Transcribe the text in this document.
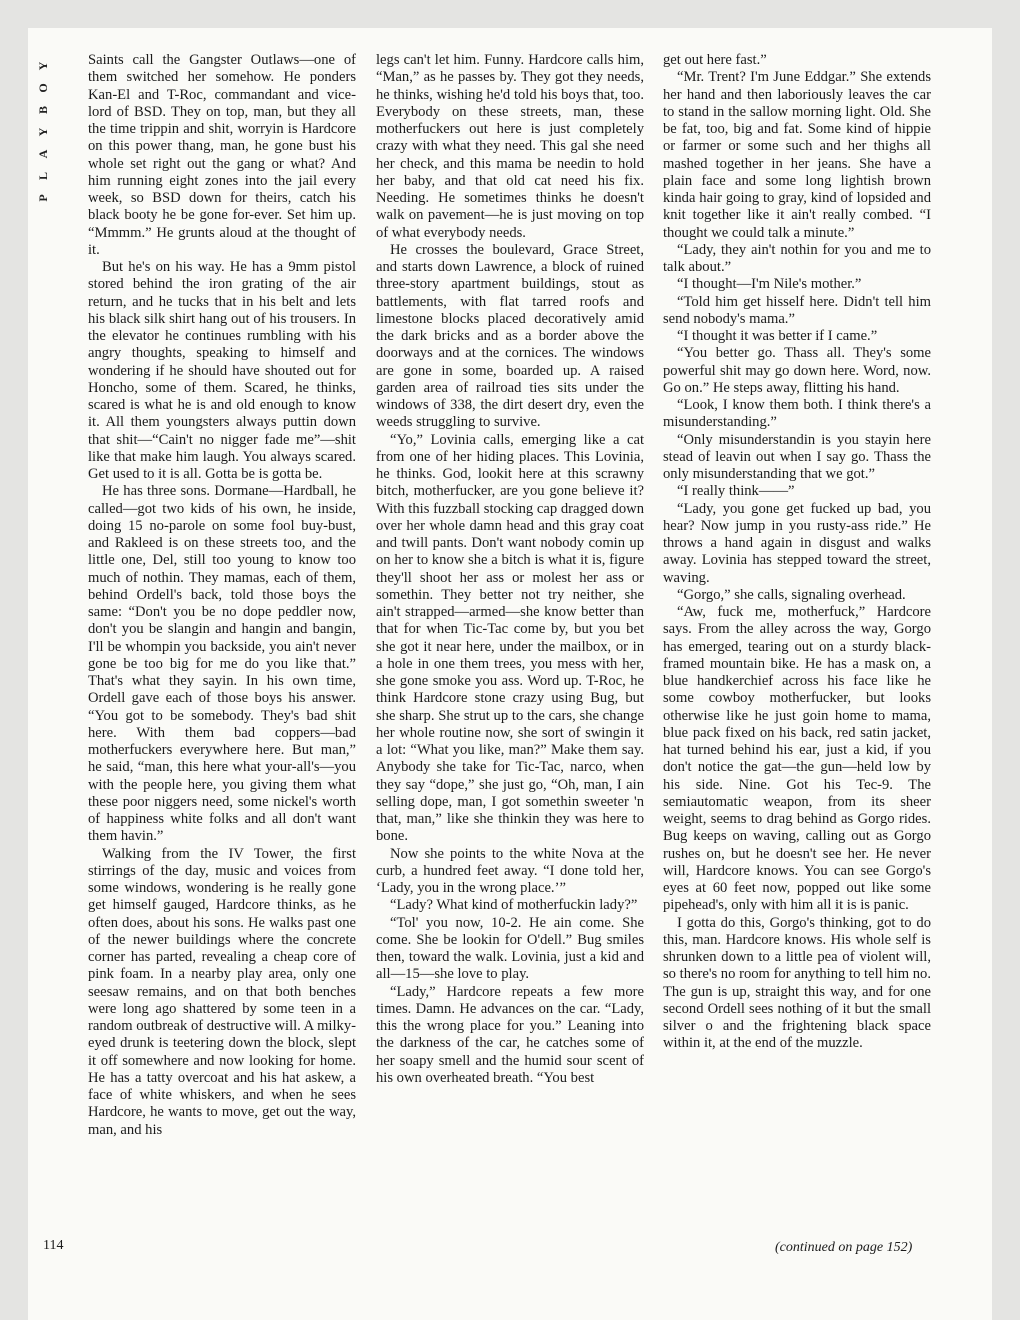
Y
O
B
Y
A
L
P

Saints call the Gangster Outlaws—one of them switched her somehow. He ponders Kan-El and T-Roc, commandant and vice-lord of BSD. They on top, man, but they all the time trippin and shit, worryin is Hardcore on this power thang, man, he gone bust his whole set right out the gang or what? And him running eight zones into the jail every week, so BSD down for theirs, catch his black booty he be gone for-ever. Set him up. “Mmmm.” He grunts aloud at the thought of it.

But he's on his way. He has a 9mm pistol stored behind the iron grating of the air return, and he tucks that in his belt and lets his black silk shirt hang out of his trousers. In the elevator he continues rumbling with his angry thoughts, speaking to himself and wondering if he should have shouted out for Honcho, some of them. Scared, he thinks, scared is what he is and old enough to know it. All them youngsters always puttin down that shit—“Cain't no nigger fade me”—shit like that make him laugh. You always scared. Get used to it is all. Gotta be is gotta be.

He has three sons. Dormane—Hardball, he called—got two kids of his own, he inside, doing 15 no-parole on some fool buy-bust, and Rakleed is on these streets too, and the little one, Del, still too young to know too much of nothin. They mamas, each of them, behind Ordell's back, told those boys the same: “Don't you be no dope peddler now, don't you be slangin and hangin and bangin, I'll be whompin you backside, you ain't never gone be too big for me do you like that.” That's what they sayin. In his own time, Ordell gave each of those boys his answer. “You got to be somebody. They's bad shit here. With them bad coppers—bad motherfuckers everywhere here. But man,” he said, “man, this here what your-all's—you with the people here, you giving them what these poor niggers need, some nickel's worth of happiness white folks and all don't want them havin.”

Walking from the IV Tower, the first stirrings of the day, music and voices from some windows, wondering is he really gone get himself gauged, Hardcore thinks, as he often does, about his sons. He walks past one of the newer buildings where the concrete corner has parted, revealing a cheap core of pink foam. In a nearby play area, only one seesaw remains, and on that both benches were long ago shattered by some teen in a random outbreak of destructive will. A milky-eyed drunk is teetering down the block, slept it off somewhere and now looking for home. He has a tatty overcoat and his hat askew, a face of white whiskers, and when he sees Hardcore, he wants to move, get out the way, man, and his

legs can't let him. Funny. Hardcore calls him, “Man,” as he passes by. They got they needs, he thinks, wishing he'd told his boys that, too. Everybody on these streets, man, these motherfuckers out here is just completely crazy with what they need. This gal she need her check, and this mama be needin to hold her baby, and that old cat need his fix. Needing. He sometimes thinks he doesn't walk on pavement—he is just moving on top of what everybody needs.

He crosses the boulevard, Grace Street, and starts down Lawrence, a block of ruined three-story apartment buildings, stout as battlements, with flat tarred roofs and limestone blocks placed decoratively amid the dark bricks and as a border above the doorways and at the cornices. The windows are gone in some, boarded up. A raised garden area of railroad ties sits under the windows of 338, the dirt desert dry, even the weeds struggling to survive.

“Yo,” Lovinia calls, emerging like a cat from one of her hiding places. This Lovinia, he thinks. God, lookit here at this scrawny bitch, motherfucker, are you gone believe it? With this fuzzball stocking cap dragged down over her whole damn head and this gray coat and twill pants. Don't want nobody comin up on her to know she a bitch is what it is, figure they'll shoot her ass or molest her ass or somethin. They better not try neither, she ain't strapped—armed—she know better than that for when Tic-Tac come by, but you bet she got it near here, under the mailbox, or in a hole in one them trees, you mess with her, she gone smoke you ass. Word up. T-Roc, he think Hardcore stone crazy using Bug, but she sharp. She strut up to the cars, she change her whole routine now, she sort of swingin it a lot: “What you like, man?” Make them say. Anybody she take for Tic-Tac, narco, when they say “dope,” she just go, “Oh, man, I ain selling dope, man, I got somethin sweeter 'n that, man,” like she thinkin they was here to bone.

Now she points to the white Nova at the curb, a hundred feet away. “I done told her, ‘Lady, you in the wrong place.’”

“Lady? What kind of motherfuckin lady?”

“Tol' you now, 10-2. He ain come. She come. She be lookin for O'dell.” Bug smiles then, toward the walk. Lovinia, just a kid and all—15—she love to play.

“Lady,” Hardcore repeats a few more times. Damn. He advances on the car. “Lady, this the wrong place for you.” Leaning into the darkness of the car, he catches some of her soapy smell and the humid sour scent of his own overheated breath. “You best

get out here fast.”

“Mr. Trent? I'm June Eddgar.” She extends her hand and then laboriously leaves the car to stand in the sallow morning light. Old. She be fat, too, big and fat. Some kind of hippie or farmer or some such and her thighs all mashed together in her jeans. She have a plain face and some long lightish brown kinda hair going to gray, kind of lopsided and knit together like it ain't really combed. “I thought we could talk a minute.”

“Lady, they ain't nothin for you and me to talk about.”

“I thought—I'm Nile's mother.”

“Told him get hisself here. Didn't tell him send nobody's mama.”

“I thought it was better if I came.”

“You better go. Thass all. They's some powerful shit may go down here. Word, now. Go on.” He steps away, flitting his hand.

“Look, I know them both. I think there's a misunderstanding.”

“Only misunderstandin is you stayin here stead of leavin out when I say go. Thass the only misunderstanding that we got.”

“I really think——”

“Lady, you gone get fucked up bad, you hear? Now jump in you rusty-ass ride.” He throws a hand again in disgust and walks away. Lovinia has stepped toward the street, waving.

“Gorgo,” she calls, signaling overhead.

“Aw, fuck me, motherfuck,” Hardcore says. From the alley across the way, Gorgo has emerged, tearing out on a sturdy black-framed mountain bike. He has a mask on, a blue handkerchief across his face like he some cowboy motherfucker, but looks otherwise like he just goin home to mama, blue pack fixed on his back, red satin jacket, hat turned behind his ear, just a kid, if you don't notice the gat—the gun—held low by his side. Nine. Got his Tec-9. The semiautomatic weapon, from its sheer weight, seems to drag behind as Gorgo rides. Bug keeps on waving, calling out as Gorgo rushes on, but he doesn't see her. He never will, Hardcore knows. You can see Gorgo's eyes at 60 feet now, popped out like some pipehead's, only with him all it is is panic.

I gotta do this, Gorgo's thinking, got to do this, man. Hardcore knows. His whole self is shrunken down to a little pea of violent will, so there's no room for anything to tell him no. The gun is up, straight this way, and for one second Ordell sees nothing of it but the small silver o and the frightening black space within it, at the end of the muzzle.

114	(continued on page 152)
